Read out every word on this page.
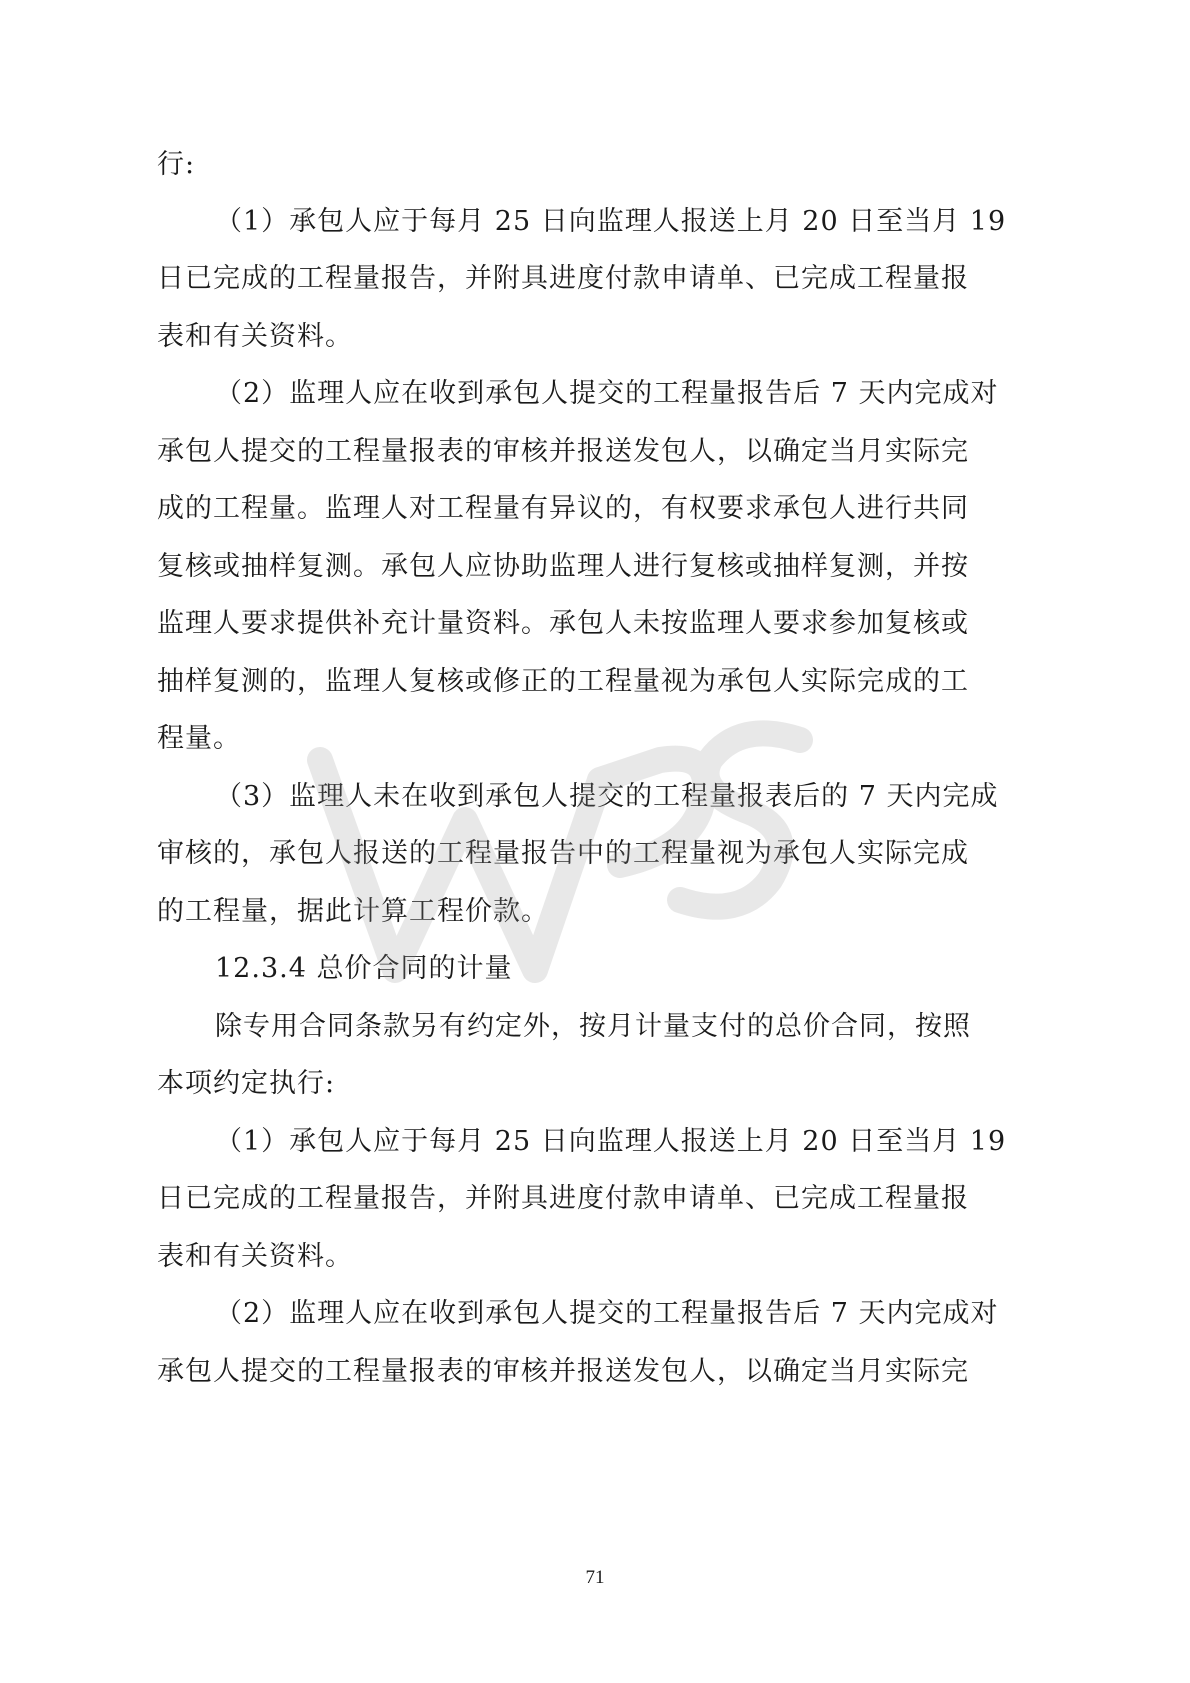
行:
（1）承包人应于每月 25 日向监理人报送上月 20 日至当月 19
日已完成的工程量报告，并附具进度付款申请单、已完成工程量报
表和有关资料。
（2）监理人应在收到承包人提交的工程量报告后 7 天内完成对
承包人提交的工程量报表的审核并报送发包人，以确定当月实际完
成的工程量。监理人对工程量有异议的，有权要求承包人进行共同
复核或抽样复测。承包人应协助监理人进行复核或抽样复测，并按
监理人要求提供补充计量资料。承包人未按监理人要求参加复核或
抽样复测的，监理人复核或修正的工程量视为承包人实际完成的工
程量。
（3）监理人未在收到承包人提交的工程量报表后的 7 天内完成
审核的，承包人报送的工程量报告中的工程量视为承包人实际完成
的工程量，据此计算工程价款。
12.3.4 总价合同的计量
除专用合同条款另有约定外，按月计量支付的总价合同，按照
本项约定执行:
（1）承包人应于每月 25 日向监理人报送上月 20 日至当月 19
日已完成的工程量报告，并附具进度付款申请单、已完成工程量报
表和有关资料。
（2）监理人应在收到承包人提交的工程量报告后 7 天内完成对
承包人提交的工程量报表的审核并报送发包人，以确定当月实际完
71
